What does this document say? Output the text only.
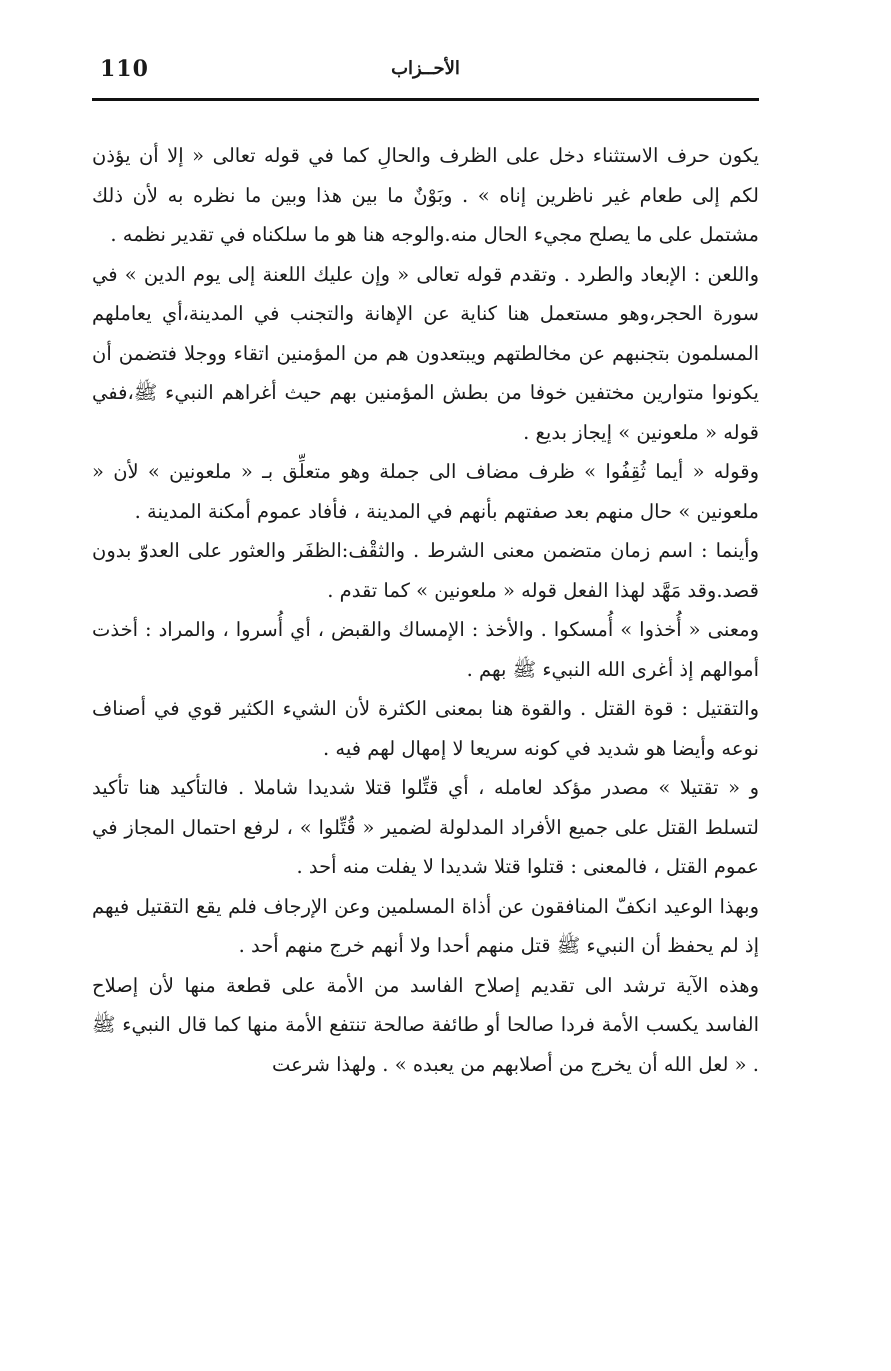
110	الأحــزاب

يكون حرف الاستثناء دخل على الظرف والحالِ كما في قوله تعالى « إلا أن يؤذن لكم إلى طعام غير ناظرين إناه » . وبَوْنٌ ما بين هذا وبين ما نظره به لأن ذلك مشتمل على ما يصلح مجيء الحال منه.والوجه هنا هو ما سلكناه في تقدير نظمه .

واللعن : الإبعاد والطرد . وتقدم قوله تعالى « وإن عليك اللعنة إلى يوم الدين » في سورة الحجر،وهو مستعمل هنا كناية عن الإهانة والتجنب في المدينة،أي يعاملهم المسلمون بتجنبهم عن مخالطتهم ويبتعدون هم من المؤمنين اتقاء ووجلا فتضمن أن يكونوا متوارين مختفين خوفا من بطش المؤمنين بهم حيث أغراهم النبيء ﷺ،ففي قوله « ملعونين » إيجاز بديع .

وقوله « أيما ثُقِفُوا » ظرف مضاف الى جملة وهو متعلِّق بـ « ملعونين » لأن « ملعونين » حال منهم بعد صفتهم بأنهم في المدينة ، فأفاد عموم أمكنة المدينة .

وأينما : اسم زمان متضمن معنى الشرط . والثقْف:الظفَر والعثور على العدوّ بدون قصد.وقد مَهَّد لهذا الفعل قوله « ملعونين » كما تقدم .

ومعنى « أُخذوا » أُمسكوا . والأخذ : الإمساك والقبض ، أي أُسروا ، والمراد : أخذت أموالهم إذ أغرى الله النبيء ﷺ بهم .

والتقتيل : قوة القتل . والقوة هنا بمعنى الكثرة لأن الشيء الكثير قوي في أصناف نوعه وأيضا هو شديد في كونه سريعا لا إمهال لهم فيه .

و « تقتيلا » مصدر مؤكد لعامله ، أي قتِّلوا قتلا شديدا شاملا . فالتأكيد هنا تأكيد لتسلط القتل على جميع الأفراد المدلولة لضمير « قُتِّلوا » ، لرفع احتمال المجاز في عموم القتل ، فالمعنى : قتلوا قتلا شديدا لا يفلت منه أحد .

وبهذا الوعيد انكفّ المنافقون عن أذاة المسلمين وعن الإرجاف فلم يقع التقتيل فيهم إذ لم يحفظ أن النبيء ﷺ قتل منهم أحدا ولا أنهم خرج منهم أحد .

وهذه الآية ترشد الى تقديم إصلاح الفاسد من الأمة على قطعة منها لأن إصلاح الفاسد يكسب الأمة فردا صالحا أو طائفة صالحة تنتفع الأمة منها كما قال النبيء ﷺ . « لعل الله أن يخرج من أصلابهم من يعبده » . ولهذا شرعت
